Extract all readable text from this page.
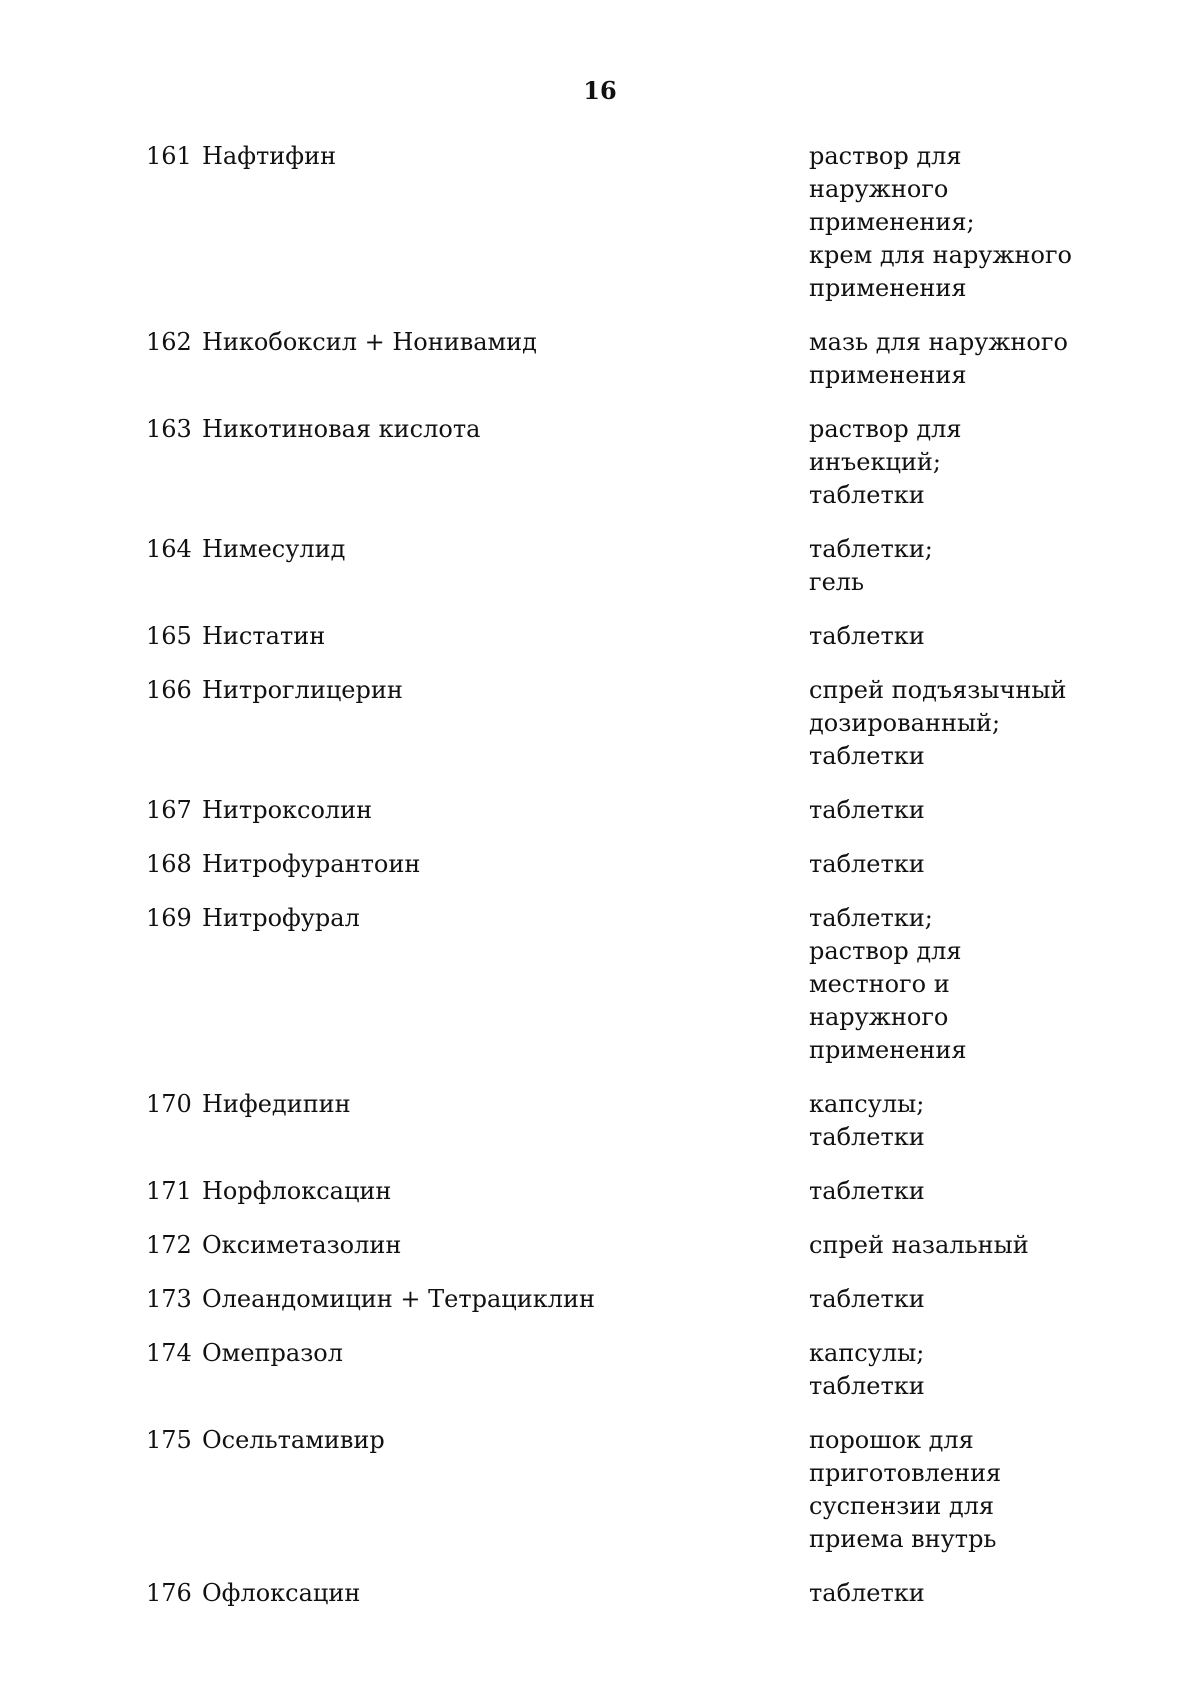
16
161 Нафтифин	раствор для
наружного
применения;
крем для наружного
применения
162 Никобоксил + Нонивамид	мазь для наружного
применения
163 Никотиновая кислота	раствор для
инъекций;
таблетки
164 Нимесулид	таблетки;
гель
165 Нистатин	таблетки
166 Нитроглицерин	спрей подъязычный
дозированный;
таблетки
167 Нитроксолин	таблетки
168 Нитрофурантоин	таблетки
169 Нитрофурал	таблетки;
раствор для
местного и
наружного
применения
170 Нифедипин	капсулы;
таблетки
171 Норфлоксацин	таблетки
172 Оксиметазолин	спрей назальный
173 Олеандомицин + Тетрациклин	таблетки
174 Омепразол	капсулы;
таблетки
175 Осельтамивир	порошок для
приготовления
суспензии для
приема внутрь
176 Офлоксацин	таблетки
